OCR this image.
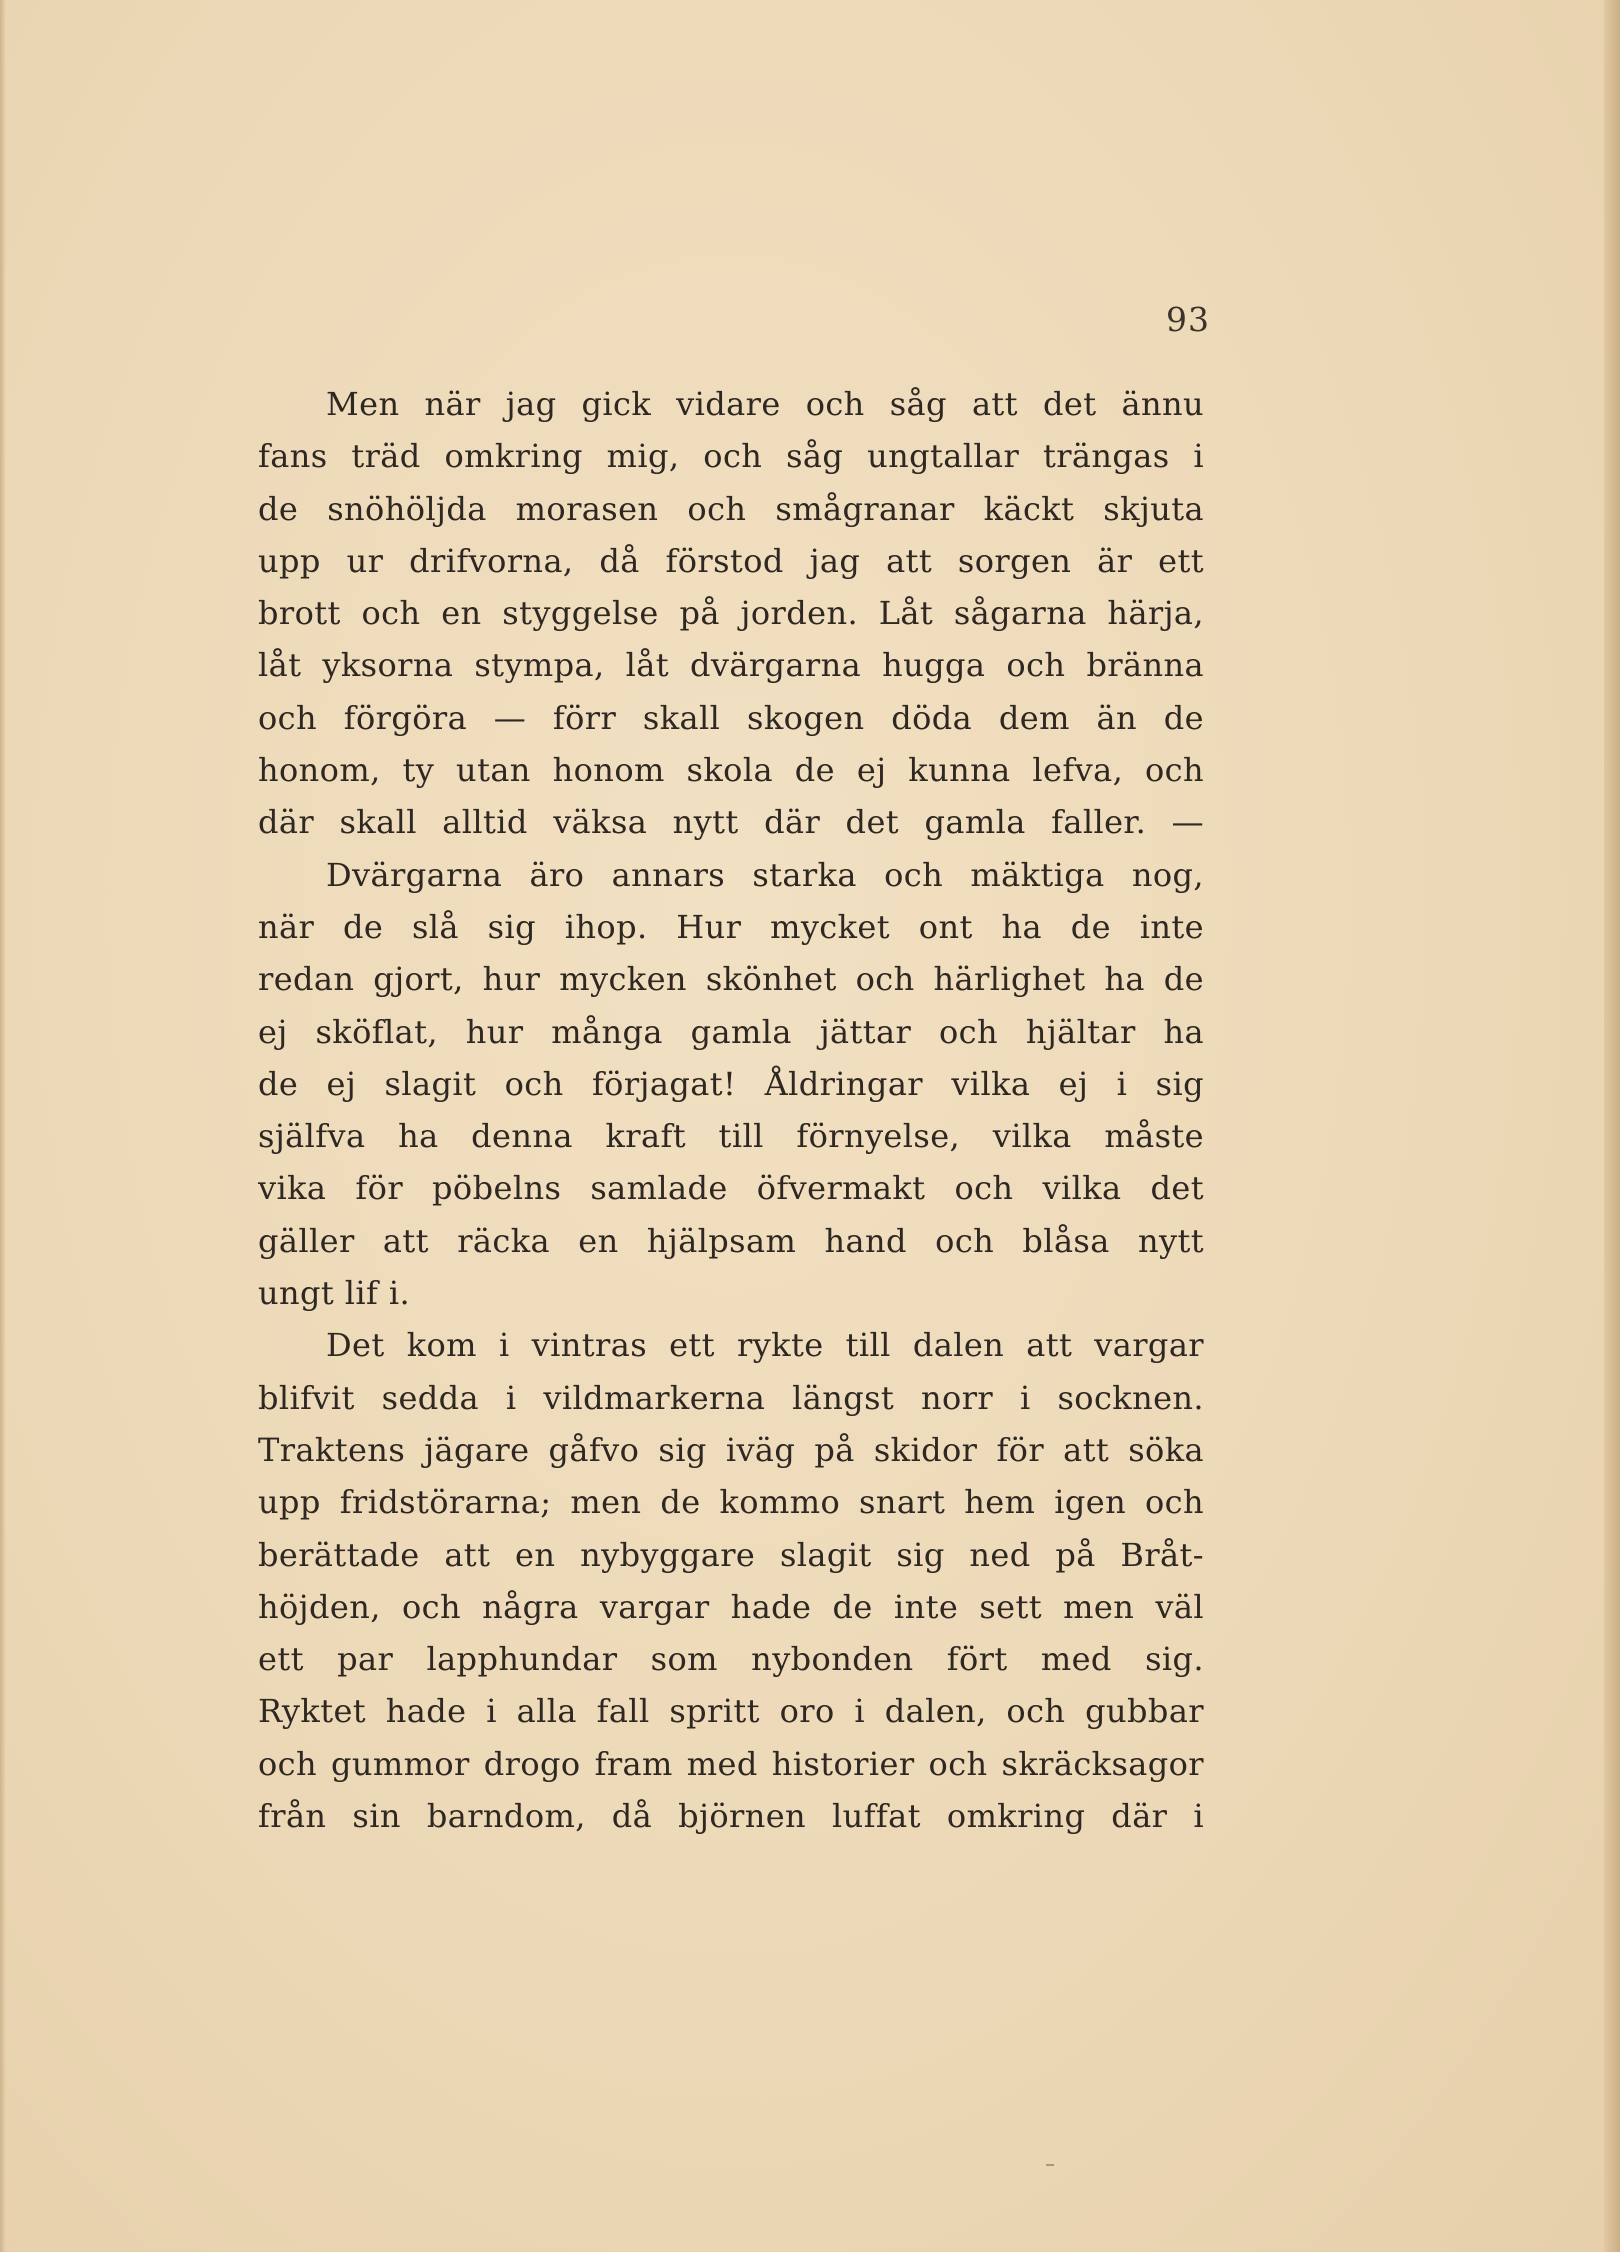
93
Men när jag gick vidare och såg att det ännu
fans träd omkring mig, och såg ungtallar trängas i
de snöhöljda morasen och smågranar käckt skjuta
upp ur drifvorna, då förstod jag att sorgen är ett
brott och en styggelse på jorden. Låt sågarna härja,
låt yksorna stympa, låt dvärgarna hugga och bränna
och förgöra — förr skall skogen döda dem än de
honom, ty utan honom skola de ej kunna lefva, och
där skall alltid väksa nytt där det gamla faller. —
Dvärgarna äro annars starka och mäktiga nog,
när de slå sig ihop. Hur mycket ont ha de inte
redan gjort, hur mycken skönhet och härlighet ha de
ej sköflat, hur många gamla jättar och hjältar ha
de ej slagit och förjagat! Åldringar vilka ej i sig
själfva ha denna kraft till förnyelse, vilka måste
vika för pöbelns samlade öfvermakt och vilka det
gäller att räcka en hjälpsam hand och blåsa nytt
ungt lif i.
Det kom i vintras ett rykte till dalen att vargar
blifvit sedda i vildmarkerna längst norr i socknen.
Traktens jägare gåfvo sig iväg på skidor för att söka
upp fridstörarna; men de kommo snart hem igen och
berättade att en nybyggare slagit sig ned på Bråt-
höjden, och några vargar hade de inte sett men väl
ett par lapphundar som nybonden fört med sig.
Ryktet hade i alla fall spritt oro i dalen, och gubbar
och gummor drogo fram med historier och skräcksagor
från sin barndom, då björnen luffat omkring där i
